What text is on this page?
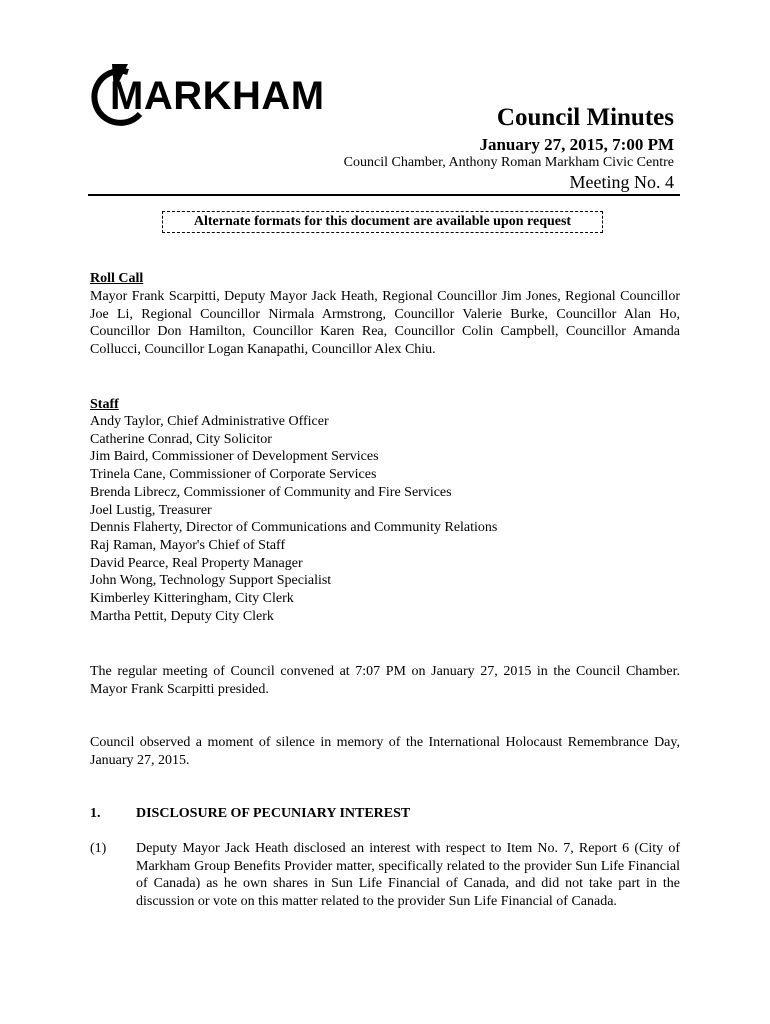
MARKHAM	Council Minutes
January 27, 2015, 7:00 PM
Council Chamber, Anthony Roman Markham Civic Centre
Meeting No. 4
Alternate formats for this document are available upon request
Roll Call
Mayor Frank Scarpitti, Deputy Mayor Jack Heath, Regional Councillor Jim Jones, Regional Councillor Joe Li, Regional Councillor Nirmala Armstrong, Councillor Valerie Burke, Councillor Alan Ho, Councillor Don Hamilton, Councillor Karen Rea, Councillor Colin Campbell, Councillor Amanda Collucci, Councillor Logan Kanapathi, Councillor Alex Chiu.
Staff
Andy Taylor, Chief Administrative Officer
Catherine Conrad, City Solicitor
Jim Baird, Commissioner of Development Services
Trinela Cane, Commissioner of Corporate Services
Brenda Librecz, Commissioner of Community and Fire Services
Joel Lustig, Treasurer
Dennis Flaherty, Director of Communications and Community Relations
Raj Raman, Mayor's Chief of Staff
David Pearce, Real Property Manager
John Wong, Technology Support Specialist
Kimberley Kitteringham, City Clerk
Martha Pettit, Deputy City Clerk
The regular meeting of Council convened at 7:07 PM on January 27, 2015 in the Council Chamber. Mayor Frank Scarpitti presided.
Council observed a moment of silence in memory of the International Holocaust Remembrance Day, January 27, 2015.
1.	DISCLOSURE OF PECUNIARY INTEREST
(1) Deputy Mayor Jack Heath disclosed an interest with respect to Item No. 7, Report 6 (City of Markham Group Benefits Provider matter, specifically related to the provider Sun Life Financial of Canada) as he own shares in Sun Life Financial of Canada, and did not take part in the discussion or vote on this matter related to the provider Sun Life Financial of Canada.
